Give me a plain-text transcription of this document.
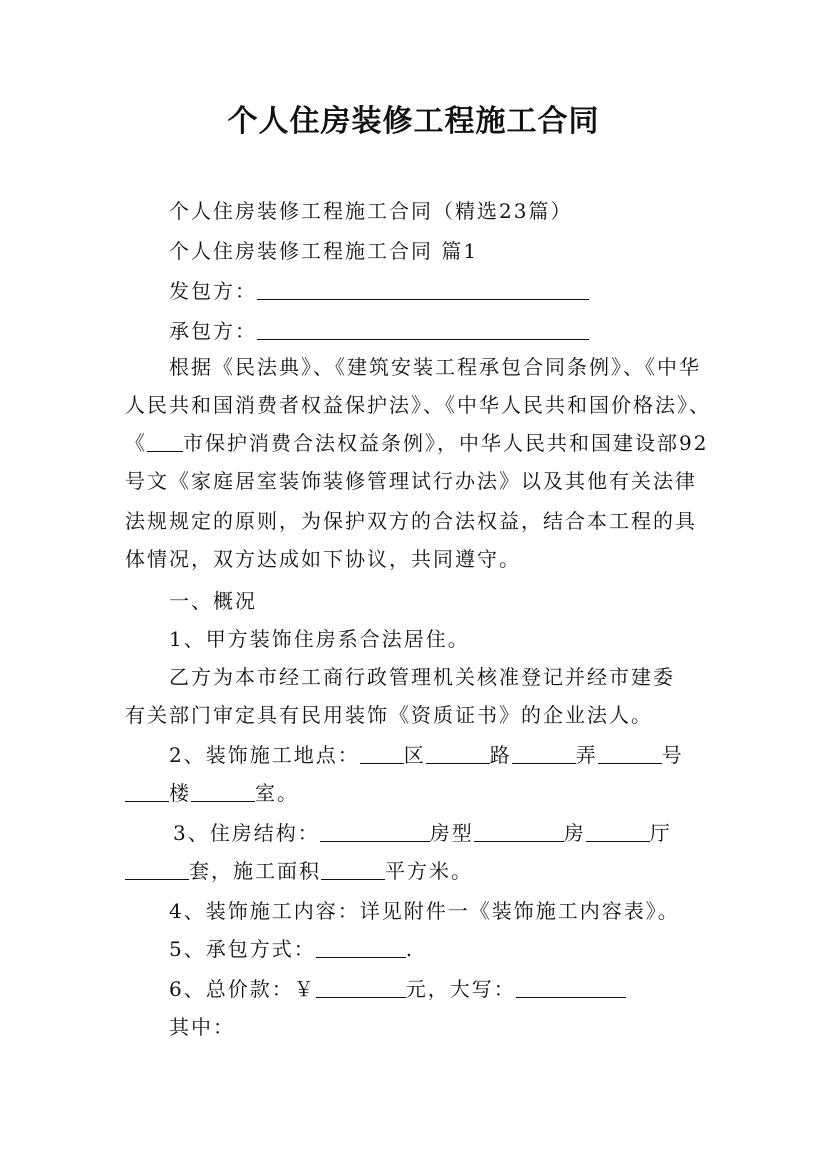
个人住房装修工程施工合同
个人住房装修工程施工合同（精选23篇）
个人住房装修工程施工合同 篇1
发包方：
承包方：
根据《民法典》、《建筑安装工程承包合同条例》、《中华
人民共和国消费者权益保护法》、《中华人民共和国价格法》、
《 市保护消费合法权益条例》，中华人民共和国建设部92
号文《家庭居室装饰装修管理试行办法》以及其他有关法律
法规规定的原则，为保护双方的合法权益，结合本工程的具
体情况，双方达成如下协议，共同遵守。
一、概况
1、甲方装饰住房系合法居住。
乙方为本市经工商行政管理机关核准登记并经市建委
有关部门审定具有民用装饰《资质证书》的企业法人。
2、装饰施工地点： 区	路	弄	号
楼	室。
3、住房结构：	房型	房	厅
套，施工面积	平方米。
4、装饰施工内容：详见附件一《装饰施工内容表》。
5、承包方式：	.
6、总价款：￥	元，大写：
其中：
